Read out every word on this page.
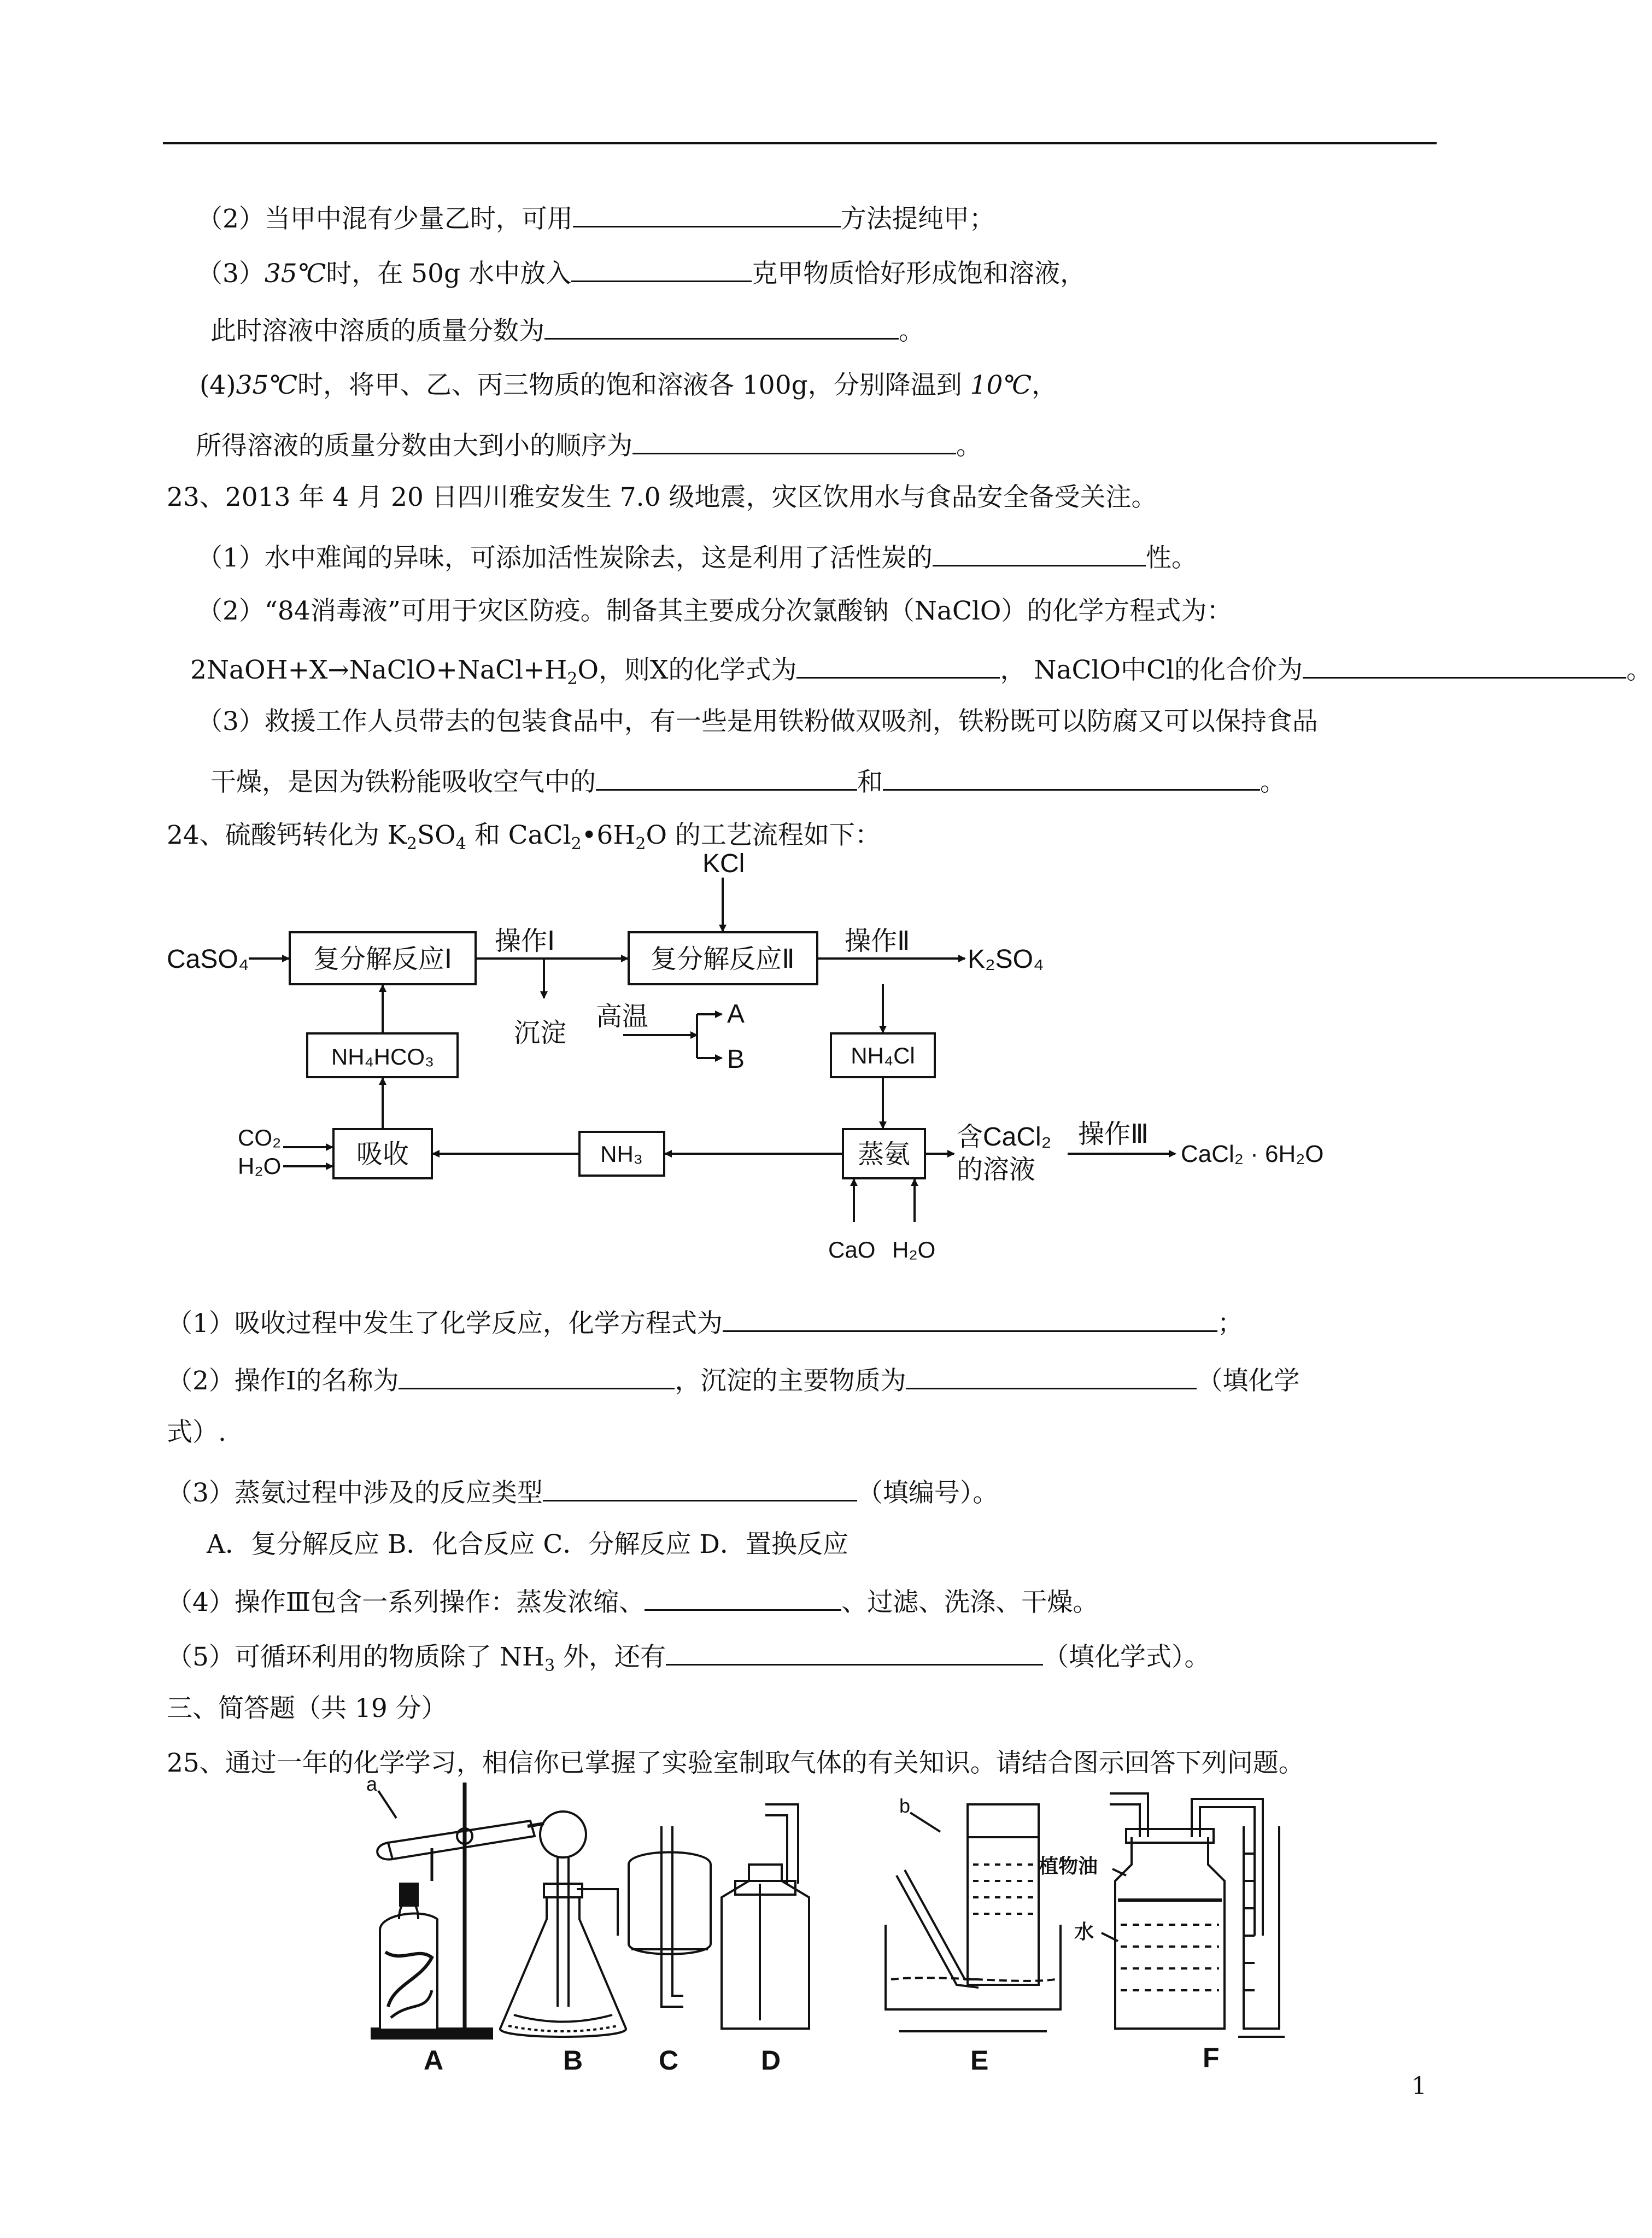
（2）当甲中混有少量乙时，可用	方法提纯甲；
（3）35℃时，在 50g 水中放入	克甲物质恰好形成饱和溶液，
此时溶液中溶质的质量分数为	。
(4)35℃时，将甲、乙、丙三物质的饱和溶液各 100g，分别降温到 10℃，
所得溶液的质量分数由大到小的顺序为	。
23、2013 年 4 月 20 日四川雅安发生 7.0 级地震，灾区饮用水与食品安全备受关注。
（1）水中难闻的异味，可添加活性炭除去，这是利用了活性炭的	性。
（2）“84消毒液”可用于灾区防疫。制备其主要成分次氯酸钠（NaClO）的化学方程式为：
$2NaOH+X\to NaClO+NaCl+H_2O$，则X的化学式为	， NaClO中Cl的化合价为	。
（3）救援工作人员带去的包装食品中，有一些是用铁粉做双吸剂，铁粉既可以防腐又可以保持食品
干燥，是因为铁粉能吸收空气中的	和	。
24、硫酸钙转化为 $K_2SO_4$ 和 $CaCl_2•6H_2O$ 的工艺流程如下：
CaSO₄ 复分解反应Ⅰ
操作Ⅰ
复分解反应Ⅱ
KCl
操作Ⅱ
K₂SO₄
沉淀
高温	A
B
NH₄HCO₃	NH₄Cl
CO₂
H₂O	吸收	NH₃	蒸氨
含CaCl₂
的溶液
操作Ⅲ
CaCl₂ · 6H₂O
CaO H₂O
（1）吸收过程中发生了化学反应，化学方程式为	；
（2）操作Ⅰ的名称为	，沉淀的主要物质为	（填化学
式）.
（3）蒸氨过程中涉及的反应类型	（填编号）。
A．复分解反应 B．化合反应 C．分解反应 D．置换反应
（4）操作Ⅲ包含一系列操作：蒸发浓缩、	、过滤、洗涤、干燥。
（5）可循环利用的物质除了 $NH_3$ 外，还有	（填化学式）。
三、简答题（共 19 分）
25、通过一年的化学学习，相信你已掌握了实验室制取气体的有关知识。请结合图示回答下列问题。
a
b
植物油
水
A	B	C	D	E	F
1
